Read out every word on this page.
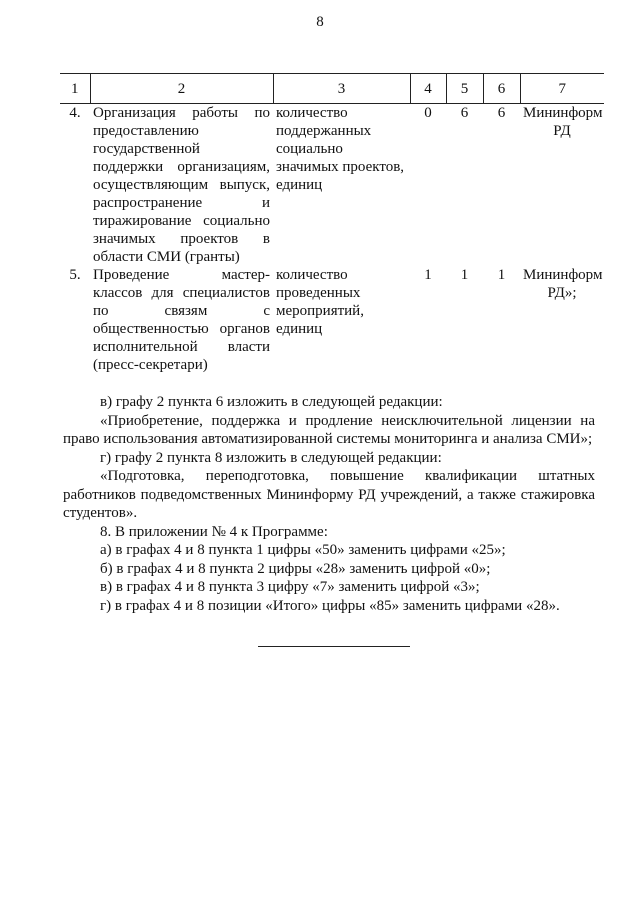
8
1	2	3	4	5	6	7
4.	Организация работы по предоставлению государственной поддержки организациям, осуществляющим выпуск, распространение и тиражирование социально значимых проектов в области СМИ (гранты)	количество поддержанных социально значимых проектов, единиц	0	6	6	Мининформ РД
5.	Проведение мастер-классов для специалистов по связям с общественностью органов исполнительной власти (пресс-секретари)	количество проведенных мероприятий, единиц	1	1	1	Мининформ РД»;

в) графу 2 пункта 6 изложить в следующей редакции:

«Приобретение, поддержка и продление неисключительной лицензии на право использования автоматизированной системы мониторинга и анализа СМИ»;

г) графу 2 пункта 8 изложить в следующей редакции:

«Подготовка, переподготовка, повышение квалификации штатных работников подведомственных Мининформу РД учреждений, а также стажировка студентов».

8. В приложении № 4 к Программе:

а) в графах 4 и 8 пункта 1 цифры «50» заменить цифрами «25»;

б) в графах 4 и 8 пункта 2 цифры «28» заменить цифрой «0»;

в) в графах 4 и 8 пункта 3 цифру «7» заменить цифрой «3»;

г) в графах 4 и 8 позиции «Итого» цифры «85» заменить цифрами «28».
